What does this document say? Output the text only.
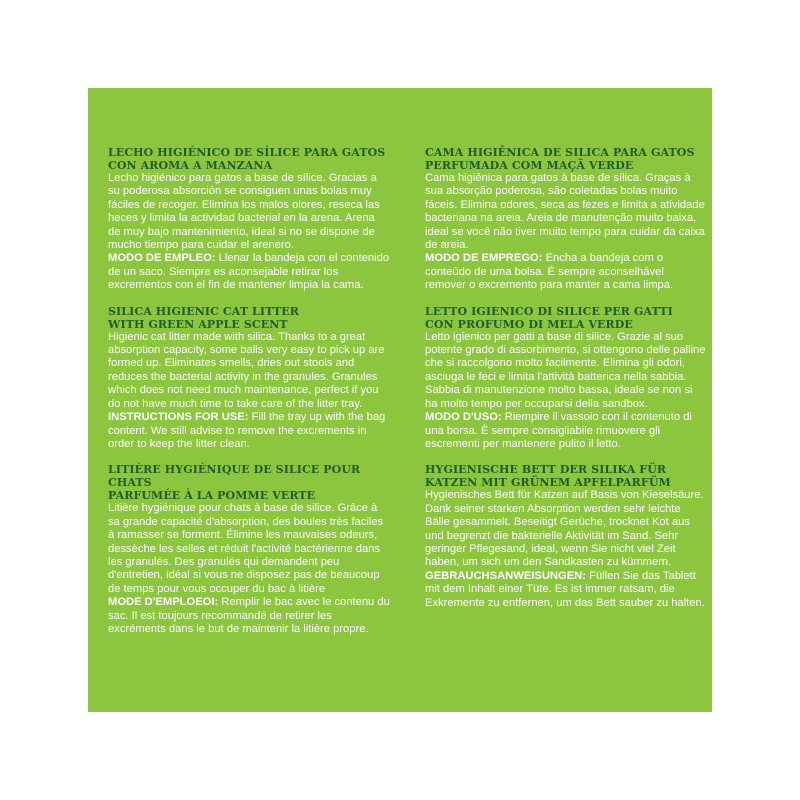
LECHO HIGIÉNICO DE SÍLICE PARA GATOS
CON AROMA A MANZANA
Lecho higiénico para gatos a base de sílice. Gracias a su poderosa absorción se consiguen unas bolas muy fáciles de recoger. Elimina los malos olores, reseca las heces y limita la actividad bacterial en la arena. Arena de muy bajo mantenimiento, ideal si no se dispone de mucho tiempo para cuidar el arenero.
MODO DE EMPLEO: Llenar la bandeja con el contenido de un saco. Siempre es aconsejable retirar los excrementos con el fin de mantener limpia la cama.
SILICA HIGIENIC CAT LITTER
WITH GREEN APPLE SCENT
Higienic cat litter made with silica. Thanks to a great absorption capacity, some balls very easy to pick up are formed up. Eliminates smells, dries out stools and reduces the bacterial activity in the granules. Granules which does not need much maintenance, perfect if you do not have much time to take care of the litter tray.
INSTRUCTIONS FOR USE: Fill the tray up with the bag content. We still advise to remove the excrements in order to keep the litter clean.
LITIÈRE HYGIÉNIQUE DE SILICE POUR CHATS
PARFUMÉE À LA POMME VERTE
Litière hygiénique pour chats à base de silice. Grâce à sa grande capacité d'absorption, des boules très faciles à ramasser se forment. Élimine les mauvaises odeurs, dessèche les selles et réduit l'activité bactérienne dans les granulés. Des granulés qui demandent peu d'entretien, idéal si vous ne disposez pas de beaucoup de temps pour vous occuper du bac à litière
MODE D'EMPLOEOI: Remplir le bac avec le contenu du sac. Il est toujours recommandé de retirer les excréments dans le but de maintenir la litière propre.
CAMA HIGIÊNICA DE SILICA PARA GATOS
PERFUMADA COM MAÇÃ VERDE
Cama higiênica para gatos à base de sílica. Graças à sua absorção poderosa, são coletadas bolas muito fáceis. Elimina odores, seca as fezes e limita a atividade bacteriana na areia. Areia de manutenção muito baixa, ideal se você não tiver muito tempo para cuidar da caixa de areia.
MODO DE EMPREGO: Encha a bandeja com o conteúdo de uma bolsa. É sempre aconselhável remover o excremento para manter a cama limpa.
LETTO IGIENICO DI SILICE PER GATTI
CON PROFUMO DI MELA VERDE
Letto igienico per gatti a base di silice. Grazie al suo potente grado di assorbimento, si ottengono delle palline che si raccolgono molto facilmente. Elimina gli odori, asciuga le feci e limita l'attività batterica nella sabbia. Sabbia di manutenzione molto bassa, ideale se non si ha molto tempo per occuparsi della sandbox.
MODO D'USO: Riempire il vassoio con il contenuto di una borsa. È sempre consigliabile rimuovere gli escrementi per mantenere pulito il letto.
HYGIENISCHE BETT DER SILIKA FÜR
KATZEN MIT GRÜNEM APFELPARFÜM
Hygienisches Bett für Katzen auf Basis von Kieselsäure. Dank seiner starken Absorption werden sehr leichte Bälle gesammelt. Beseitigt Gerüche, trocknet Kot aus und begrenzt die bakterielle Aktivität im Sand. Sehr geringer Pflegesand, ideal, wenn Sie nicht viel Zeit haben, um sich um den Sandkasten zu kümmern.
GEBRAUCHSANWEISUNGEN: Füllen Sie das Tablett mit dem Inhalt einer Tüte. Es ist immer ratsam, die Exkremente zu entfernen, um das Bett sauber zu halten.
